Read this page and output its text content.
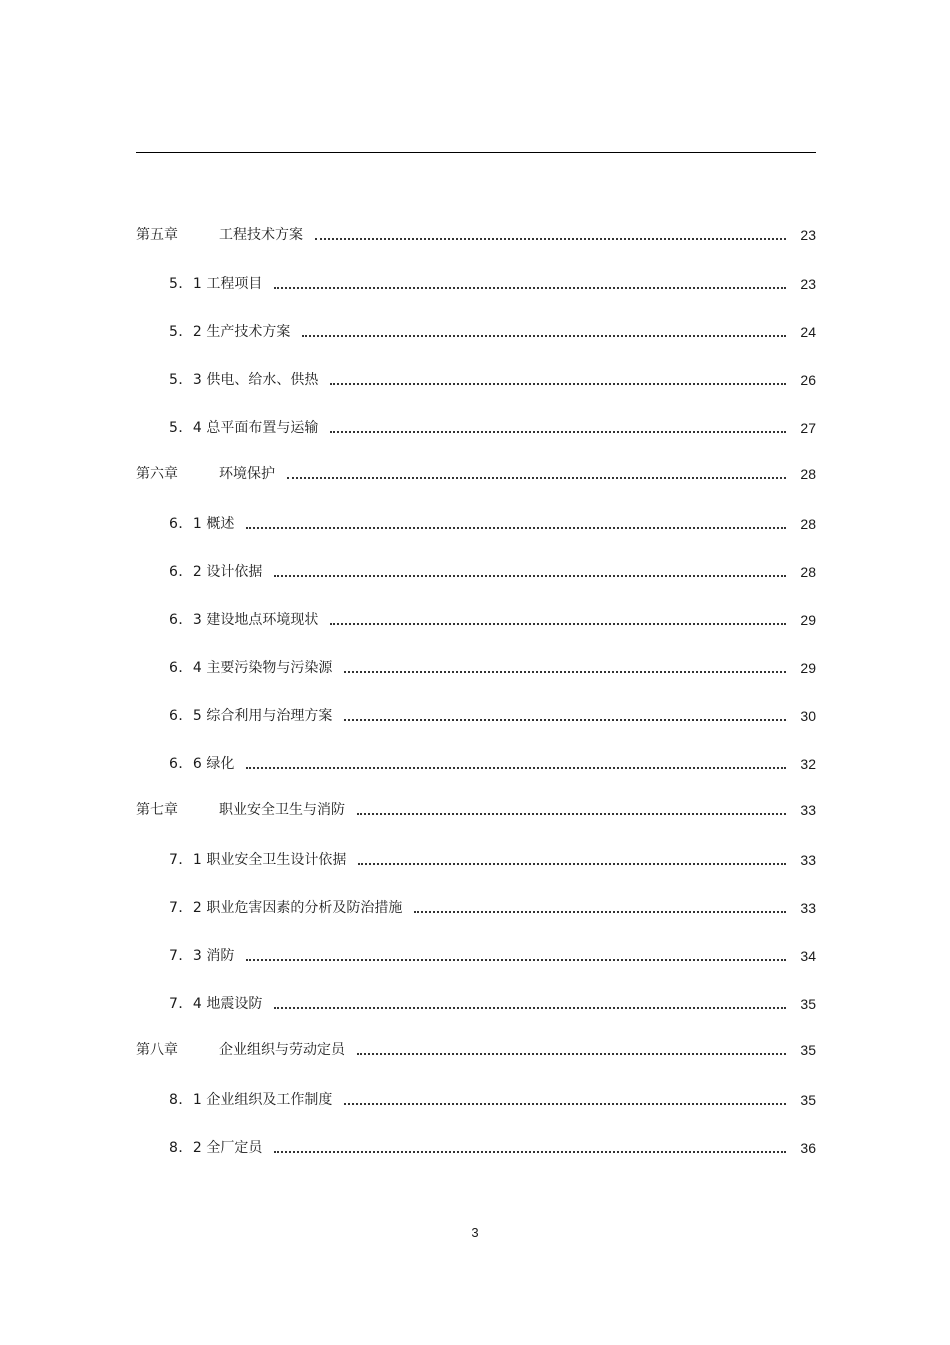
第五章	工程技术方案	23
5．1 工程项目	23
5．2 生产技术方案	24
5．3 供电、给水、供热	26
5．4 总平面布置与运输	27
第六章	环境保护	28
6．1 概述	28
6．2 设计依据	28
6．3 建设地点环境现状	29
6．4 主要污染物与污染源	29
6．5 综合利用与治理方案	30
6．6 绿化	32
第七章	职业安全卫生与消防	33
7．1 职业安全卫生设计依据	33
7．2 职业危害因素的分析及防治措施	33
7．3 消防	34
7．4 地震设防	35
第八章	企业组织与劳动定员	35
8．1 企业组织及工作制度	35
8．2 全厂定员	36
3
